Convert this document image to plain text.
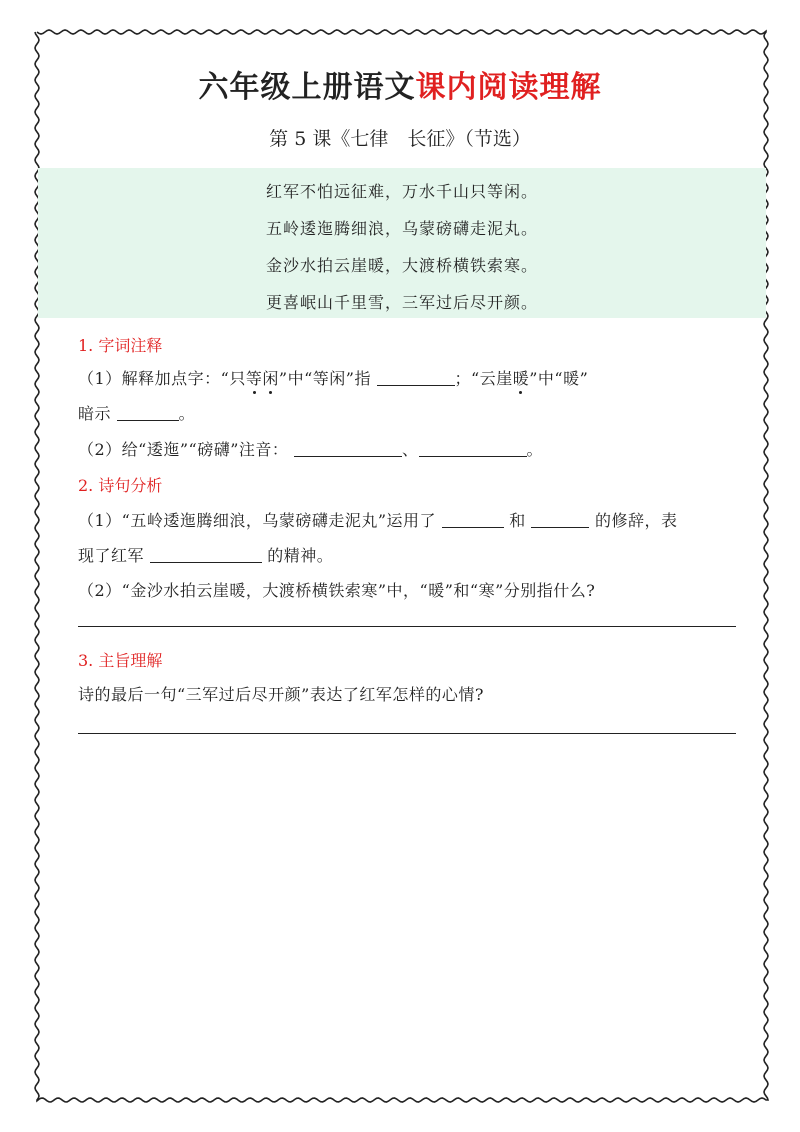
六年级上册语文课内阅读理解
第 5 课《七律　长征》（节选）
红军不怕远征难，万水千山只等闲。
五岭逶迤腾细浪，乌蒙磅礴走泥丸。
金沙水拍云崖暖，大渡桥横铁索寒。
更喜岷山千里雪，三军过后尽开颜。
1. 字词注释
（1）解释加点字：“只等闲”中“等闲”指	；“云崖暖”中“暖”
暗示	。
（2）给“逶迤”“磅礴”注音：	、	。
2. 诗句分析
（1）“五岭逶迤腾细浪，乌蒙磅礴走泥丸”运用了	和	的修辞，表
现了红军	的精神。
（2）“金沙水拍云崖暖，大渡桥横铁索寒”中，“暖”和“寒”分别指什么?
3. 主旨理解
诗的最后一句“三军过后尽开颜”表达了红军怎样的心情?
